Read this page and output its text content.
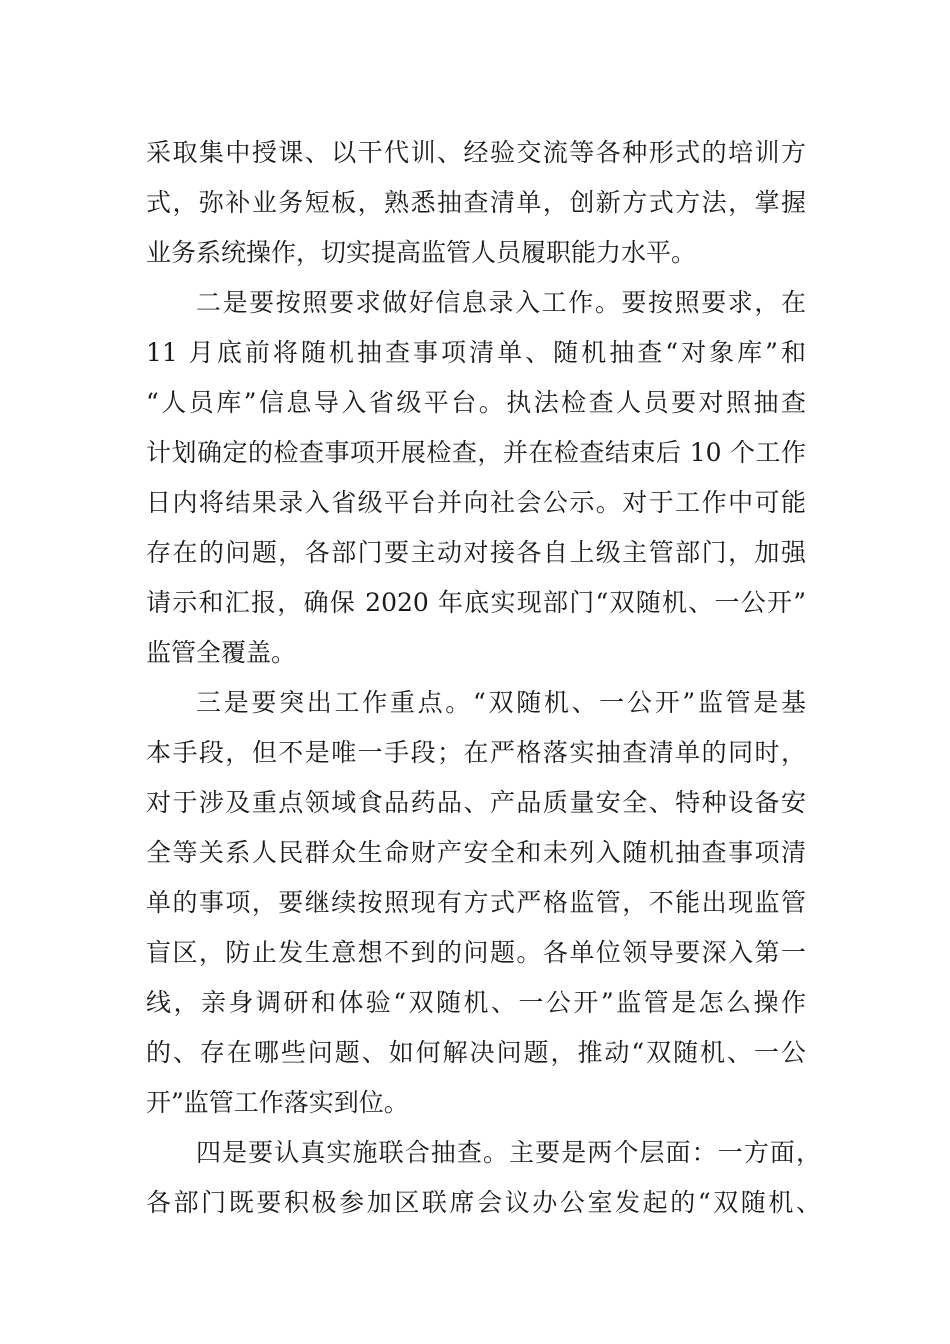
采取集中授课、以干代训、经验交流等各种形式的培训方
式，弥补业务短板，熟悉抽查清单，创新方式方法，掌握
业务系统操作，切实提高监管人员履职能力水平。
二是要按照要求做好信息录入工作。要按照要求，在
11 月底前将随机抽查事项清单、随机抽查“对象库”和
“人员库”信息导入省级平台。执法检查人员要对照抽查
计划确定的检查事项开展检查，并在检查结束后 10 个工作
日内将结果录入省级平台并向社会公示。对于工作中可能
存在的问题，各部门要主动对接各自上级主管部门，加强
请示和汇报，确保 2020 年底实现部门“双随机、一公开”
监管全覆盖。
三是要突出工作重点。“双随机、一公开”监管是基
本手段，但不是唯一手段；在严格落实抽查清单的同时，
对于涉及重点领域食品药品、产品质量安全、特种设备安
全等关系人民群众生命财产安全和未列入随机抽查事项清
单的事项，要继续按照现有方式严格监管，不能出现监管
盲区，防止发生意想不到的问题。各单位领导要深入第一
线，亲身调研和体验“双随机、一公开”监管是怎么操作
的、存在哪些问题、如何解决问题，推动“双随机、一公
开”监管工作落实到位。
四是要认真实施联合抽查。主要是两个层面：一方面，
各部门既要积极参加区联席会议办公室发起的“双随机、
